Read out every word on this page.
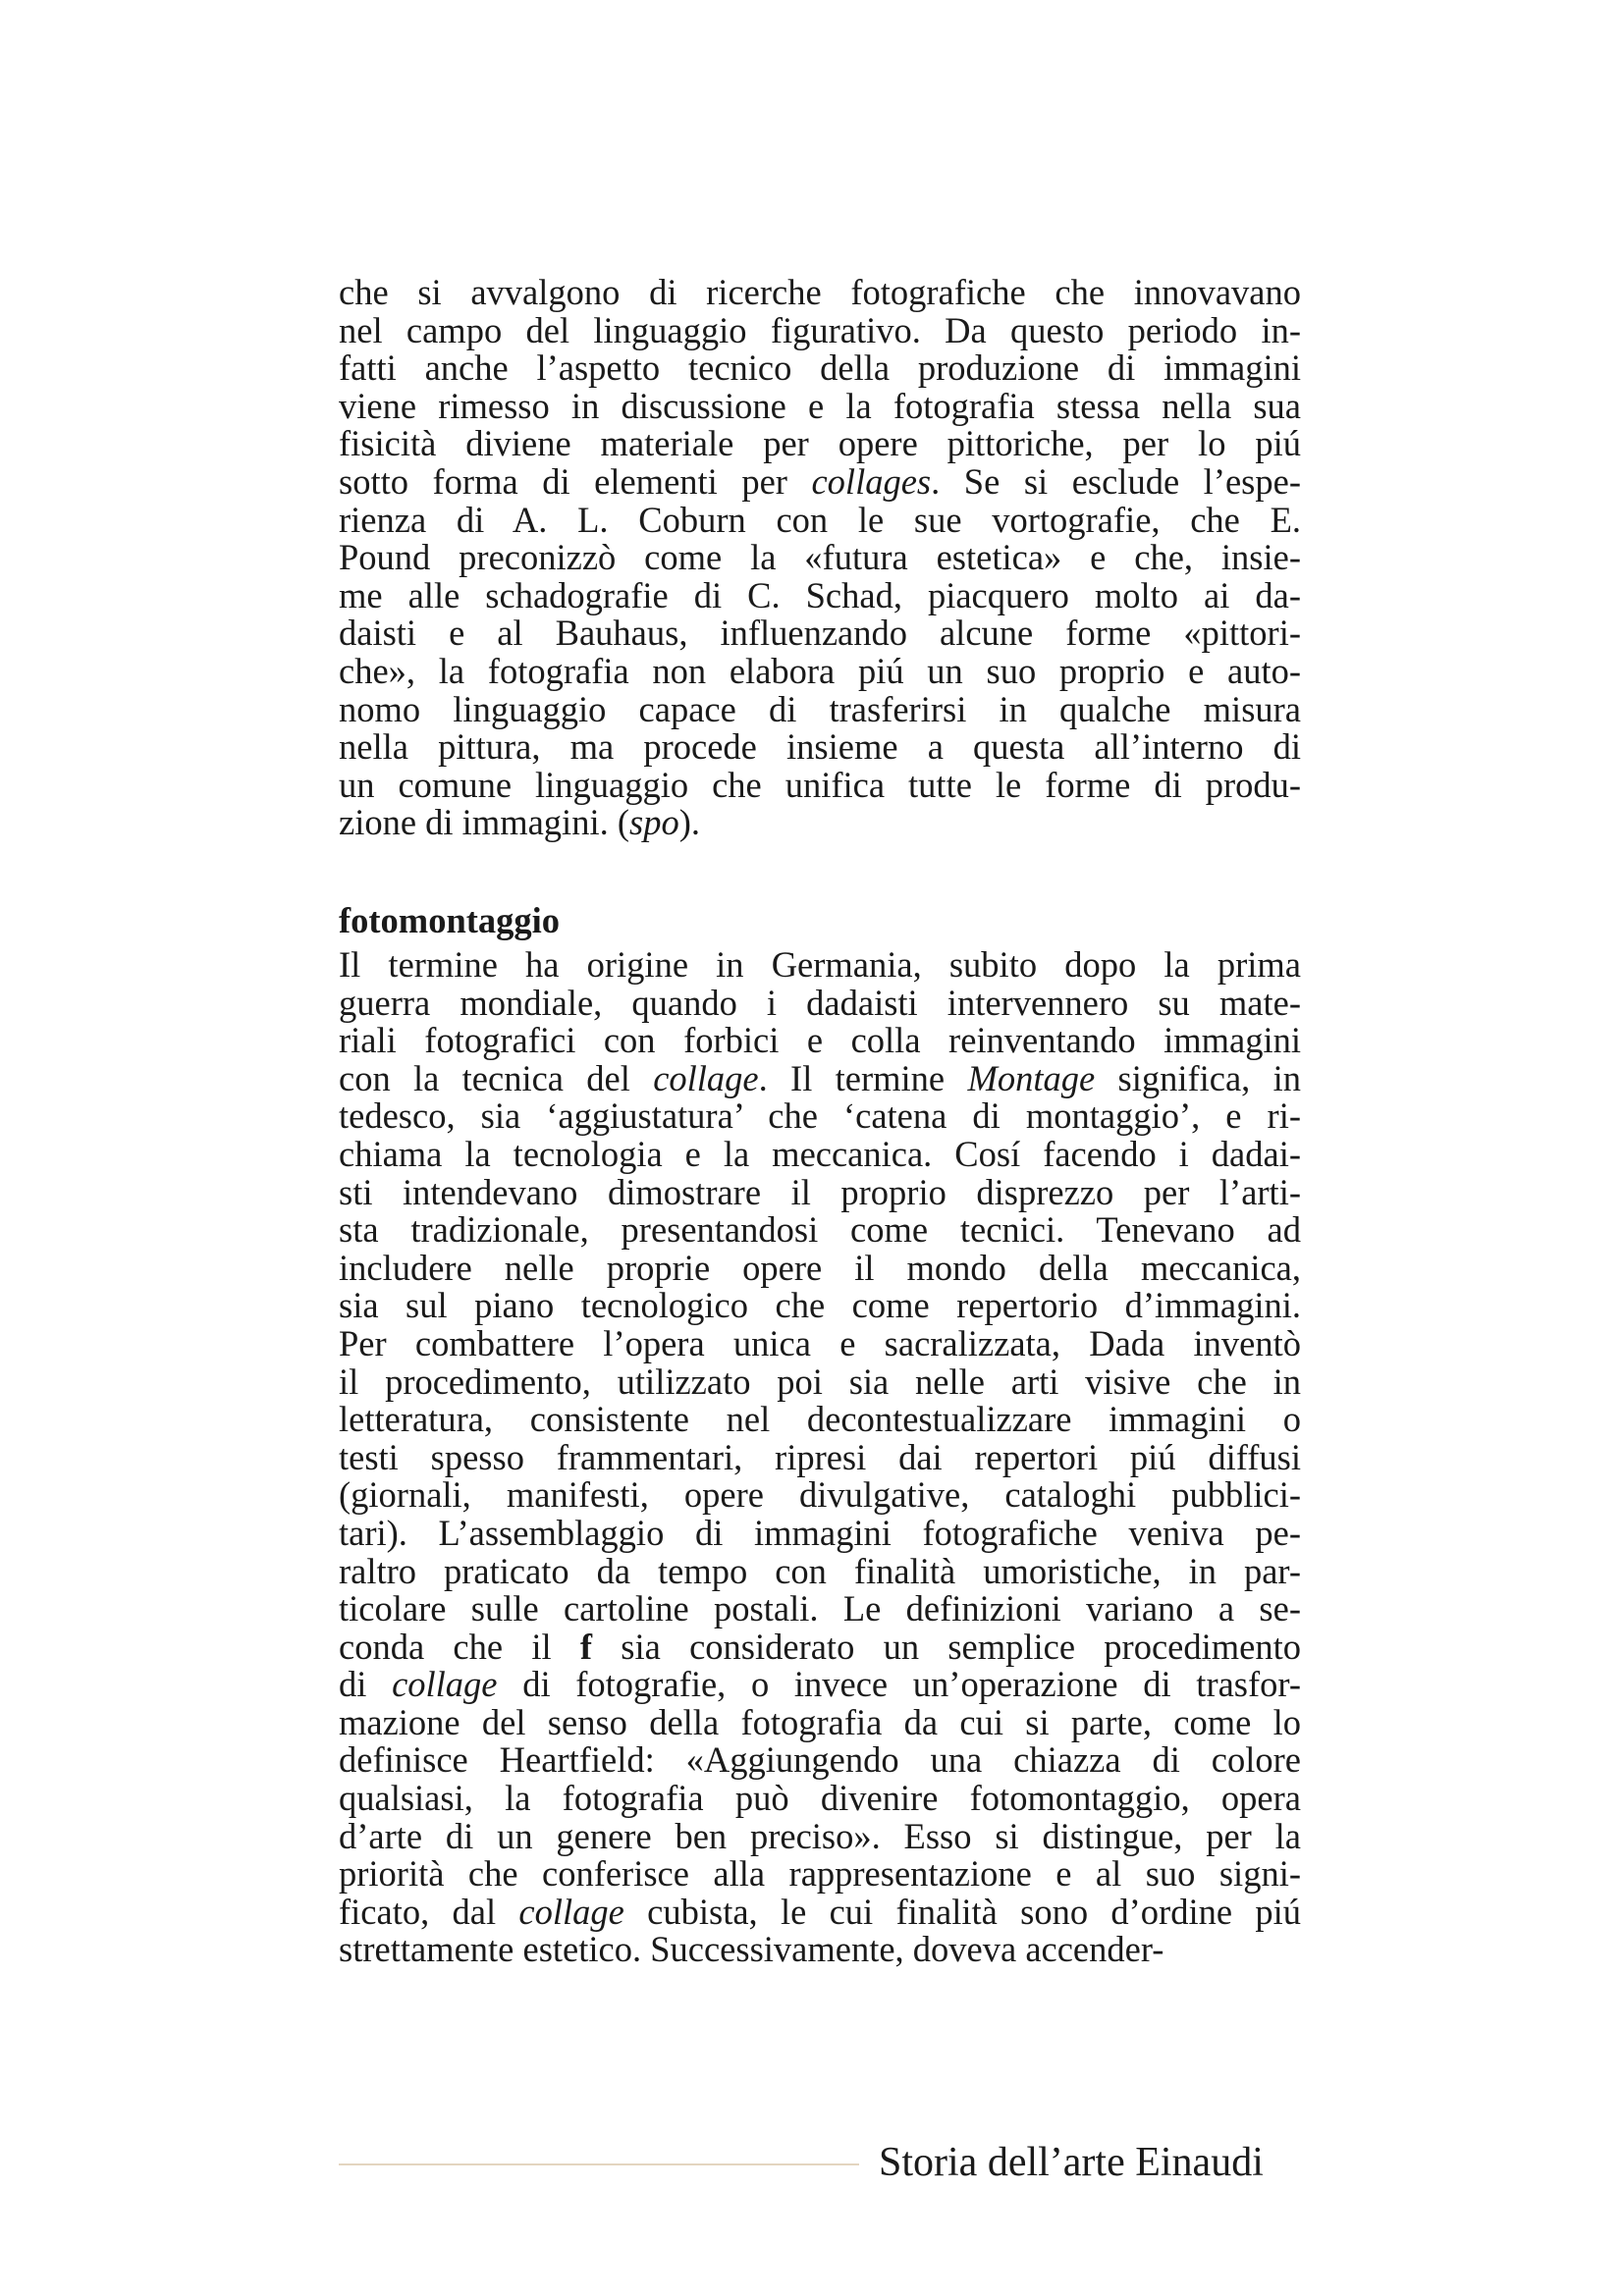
che si avvalgono di ricerche fotografiche che innovavano
nel campo del linguaggio figurativo. Da questo periodo in-
fatti anche l’aspetto tecnico della produzione di immagini
viene rimesso in discussione e la fotografia stessa nella sua
fisicità diviene materiale per opere pittoriche, per lo piú
sotto forma di elementi per collages. Se si esclude l’espe-
rienza di A. L. Coburn con le sue vortografie, che E.
Pound preconizzò come la «futura estetica» e che, insie-
me alle schadografie di C. Schad, piacquero molto ai da-
daisti e al Bauhaus, influenzando alcune forme «pittori-
che», la fotografia non elabora piú un suo proprio e auto-
nomo linguaggio capace di trasferirsi in qualche misura
nella pittura, ma procede insieme a questa all’interno di
un comune linguaggio che unifica tutte le forme di produ-
zione di immagini. (spo).
fotomontaggio
Il termine ha origine in Germania, subito dopo la prima
guerra mondiale, quando i dadaisti intervennero su mate-
riali fotografici con forbici e colla reinventando immagini
con la tecnica del collage. Il termine Montage significa, in
tedesco, sia ‘aggiustatura’ che ‘catena di montaggio’, e ri-
chiama la tecnologia e la meccanica. Cosí facendo i dadai-
sti intendevano dimostrare il proprio disprezzo per l’arti-
sta tradizionale, presentandosi come tecnici. Tenevano ad
includere nelle proprie opere il mondo della meccanica,
sia sul piano tecnologico che come repertorio d’immagini.
Per combattere l’opera unica e sacralizzata, Dada inventò
il procedimento, utilizzato poi sia nelle arti visive che in
letteratura, consistente nel decontestualizzare immagini o
testi spesso frammentari, ripresi dai repertori piú diffusi
(giornali, manifesti, opere divulgative, cataloghi pubblici-
tari). L’assemblaggio di immagini fotografiche veniva pe-
raltro praticato da tempo con finalità umoristiche, in par-
ticolare sulle cartoline postali. Le definizioni variano a se-
conda che il f sia considerato un semplice procedimento
di collage di fotografie, o invece un’operazione di trasfor-
mazione del senso della fotografia da cui si parte, come lo
definisce Heartfield: «Aggiungendo una chiazza di colore
qualsiasi, la fotografia può divenire fotomontaggio, opera
d’arte di un genere ben preciso». Esso si distingue, per la
priorità che conferisce alla rappresentazione e al suo signi-
ficato, dal collage cubista, le cui finalità sono d’ordine piú
strettamente estetico. Successivamente, doveva accender-
Storia dell’arte Einaudi
